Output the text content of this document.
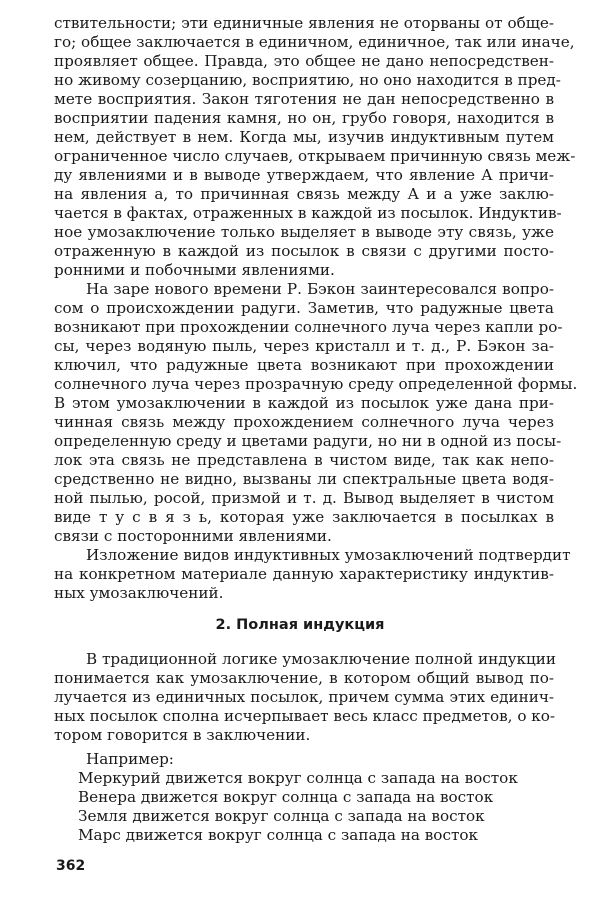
ствительности; эти единичные явления не оторваны от обще-
го; общее заключается в единичном, единичное, так или иначе,
проявляет общее. Правда, это общее не дано непосредствен-
но живому созерцанию, восприятию, но оно находится в пред-
мете восприятия. Закон тяготения не дан непосредственно в
восприятии падения камня, но он, грубо говоря, находится в
нем, действует в нем. Когда мы, изучив индуктивным путем
ограниченное число случаев, открываем причинную связь меж-
ду явлениями и в выводе утверждаем, что явление А причи-
на явления а, то причинная связь между А и а уже заклю-
чается в фактах, отраженных в каждой из посылок. Индуктив-
ное умозаключение только выделяет в выводе эту связь, уже
отраженную в каждой из посылок в связи с другими посто-
ронними и побочными явлениями.
На заре нового времени Р. Бэкон заинтересовался вопро-
сом о происхождении радуги. Заметив, что радужные цвета
возникают при прохождении солнечного луча через капли ро-
сы, через водяную пыль, через кристалл и т. д., Р. Бэкон за-
ключил, что радужные цвета возникают при прохождении
солнечного луча через прозрачную среду определенной формы.
В этом умозаключении в каждой из посылок уже дана при-
чинная связь между прохождением солнечного луча через
определенную среду и цветами радуги, но ни в одной из посы-
лок эта связь не представлена в чистом виде, так как непо-
средственно не видно, вызваны ли спектральные цвета водя-
ной пылью, росой, призмой и т. д. Вывод выделяет в чистом
виде т у с в я з ь, которая уже заключается в посылках в
связи с посторонними явлениями.
Изложение видов индуктивных умозаключений подтвердит
на конкретном материале данную характеристику индуктив-
ных умозаключений.
2. Полная индукция
В традиционной логике умозаключение полной индукции
понимается как умозаключение, в котором общий вывод по-
лучается из единичных посылок, причем сумма этих единич-
ных посылок сполна исчерпывает весь класс предметов, о ко-
тором говорится в заключении.
Например:
Меркурий движется вокруг солнца с запада на восток
Венера движется вокруг солнца с запада на восток
Земля движется вокруг солнца с запада на восток
Марс движется вокруг солнца с запада на восток
362
